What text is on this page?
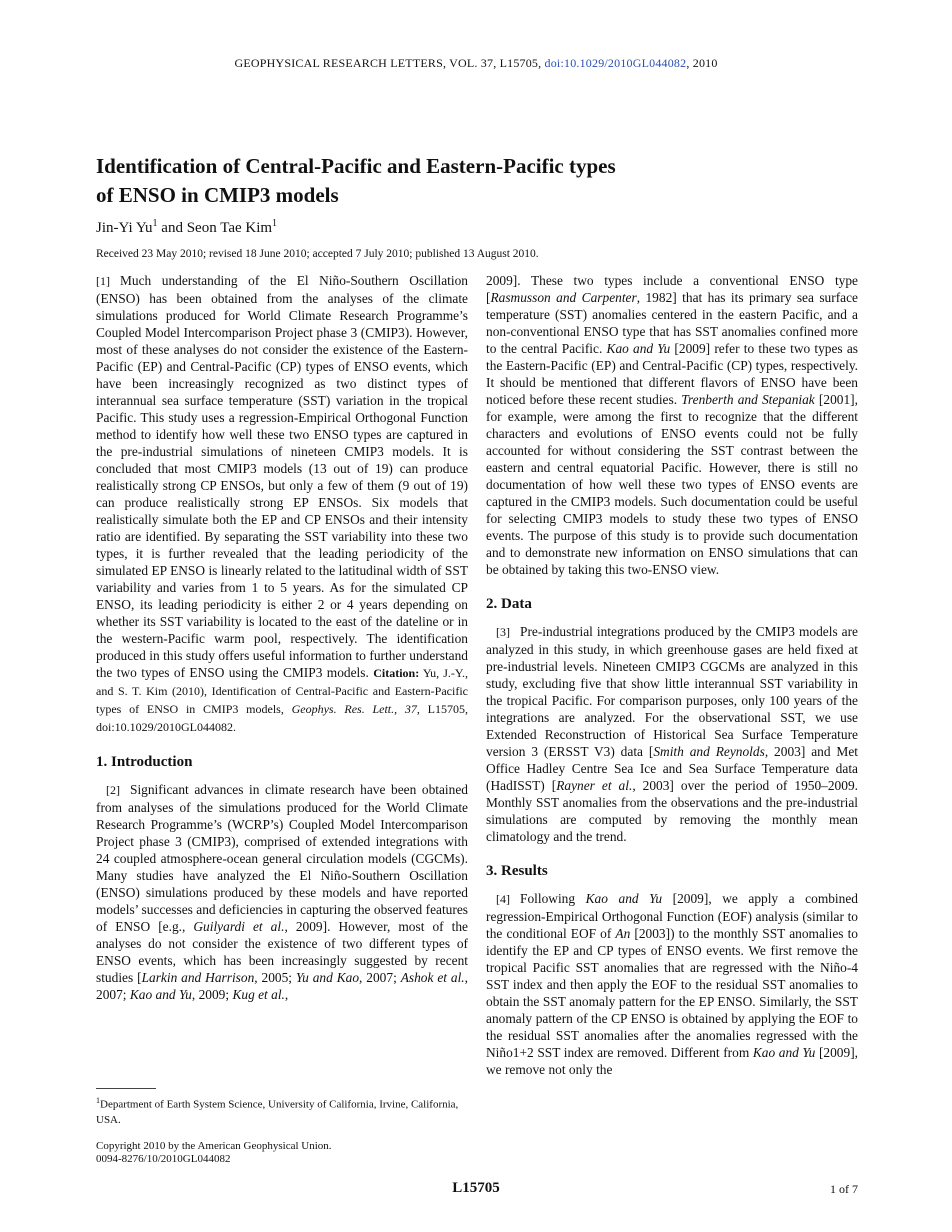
GEOPHYSICAL RESEARCH LETTERS, VOL. 37, L15705, doi:10.1029/2010GL044082, 2010
Identification of Central-Pacific and Eastern-Pacific types
of ENSO in CMIP3 models
Jin-Yi Yu$^1$ and Seon Tae Kim$^1$
Received 23 May 2010; revised 18 June 2010; accepted 7 July 2010; published 13 August 2010.

[ 1 ] Much understanding of the El Niño-Southern Oscillation (ENSO) has been obtained from the analyses of the climate simulations produced for World Climate Research Programme’s Coupled Model Intercomparison Project phase 3 (CMIP3). However, most of these analyses do not consider the existence of the Eastern-Pacific (EP) and Central-Pacific (CP) types of ENSO events, which have been increasingly recognized as two distinct types of interannual sea surface temperature (SST) variation in the tropical Pacific. This study uses a regression-Empirical Orthogonal Function method to identify how well these two ENSO types are captured in the pre-industrial simulations of nineteen CMIP3 models. It is concluded that most CMIP3 models (13 out of 19) can produce realistically strong CP ENSOs, but only a few of them (9 out of 19) can produce realistically strong EP ENSOs. Six models that realistically simulate both the EP and CP ENSOs and their intensity ratio are identified. By separating the SST variability into these two types, it is further revealed that the leading periodicity of the simulated EP ENSO is linearly related to the latitudinal width of SST variability and varies from 1 to 5 years. As for the simulated CP ENSO, its leading periodicity is either 2 or 4 years depending on whether its SST variability is located to the east of the dateline or in the western-Pacific warm pool, respectively. The identification produced in this study offers useful information to further understand the two types of ENSO using the CMIP3 models. Citation: Yu, J.-Y., and S. T. Kim (2010), Identification of Central-Pacific and Eastern-Pacific types of ENSO in CMIP3 models, Geophys. Res. Lett., 37, L15705, doi:10.1029/2010GL044082.

1. Introduction

[ 2 ] Significant advances in climate research have been obtained from analyses of the simulations produced for the World Climate Research Programme’s (WCRP’s) Coupled Model Intercomparison Project phase 3 (CMIP3), comprised of extended integrations with 24 coupled atmosphere-ocean general circulation models (CGCMs). Many studies have analyzed the El Niño-Southern Oscillation (ENSO) simulations produced by these models and have reported models’ successes and deficiencies in capturing the observed features of ENSO [e.g., Guilyardi et al., 2009]. However, most of the analyses do not consider the existence of two different types of ENSO events, which has been increasingly suggested by recent studies [Larkin and Harrison, 2005; Yu and Kao, 2007; Ashok et al., 2007; Kao and Yu, 2009; Kug et al.,

2009]. These two types include a conventional ENSO type [Rasmusson and Carpenter, 1982] that has its primary sea surface temperature (SST) anomalies centered in the eastern Pacific, and a non-conventional ENSO type that has SST anomalies confined more to the central Pacific. Kao and Yu [2009] refer to these two types as the Eastern-Pacific (EP) and Central-Pacific (CP) types, respectively. It should be mentioned that different flavors of ENSO have been noticed before these recent studies. Trenberth and Stepaniak [2001], for example, were among the first to recognize that the different characters and evolutions of ENSO events could not be fully accounted for without considering the SST contrast between the eastern and central equatorial Pacific. However, there is still no documentation of how well these two types of ENSO events are captured in the CMIP3 models. Such documentation could be useful for selecting CMIP3 models to study these two types of ENSO events. The purpose of this study is to provide such documentation and to demonstrate new information on ENSO simulations that can be obtained by taking this two-ENSO view.

2. Data

[ 3 ] Pre-industrial integrations produced by the CMIP3 models are analyzed in this study, in which greenhouse gases are held fixed at pre-industrial levels. Nineteen CMIP3 CGCMs are analyzed in this study, excluding five that show little interannual SST variability in the tropical Pacific. For comparison purposes, only 100 years of the integrations are analyzed. For the observational SST, we use Extended Reconstruction of Historical Sea Surface Temperature version 3 (ERSST V3) data [Smith and Reynolds, 2003] and Met Office Hadley Centre Sea Ice and Sea Surface Temperature data (HadISST) [Rayner et al., 2003] over the period of 1950–2009. Monthly SST anomalies from the observations and the pre-industrial simulations are computed by removing the monthly mean climatology and the trend.

3. Results

[ 4 ] Following Kao and Yu [2009], we apply a combined regression-Empirical Orthogonal Function (EOF) analysis (similar to the conditional EOF of An [2003]) to the monthly SST anomalies to identify the EP and CP types of ENSO events. We first remove the tropical Pacific SST anomalies that are regressed with the Niño-4 SST index and then apply the EOF to the residual SST anomalies to obtain the SST anomaly pattern for the EP ENSO. Similarly, the SST anomaly pattern of the CP ENSO is obtained by applying the EOF to the residual SST anomalies after the anomalies regressed with the Niño1+2 SST index are removed. Different from Kao and Yu [2009], we remove not only the

$^1$Department of Earth System Science, University of California, Irvine, California, USA.
Copyright 2010 by the American Geophysical Union.
0094-8276/10/2010GL044082
L15705	1 of 7
